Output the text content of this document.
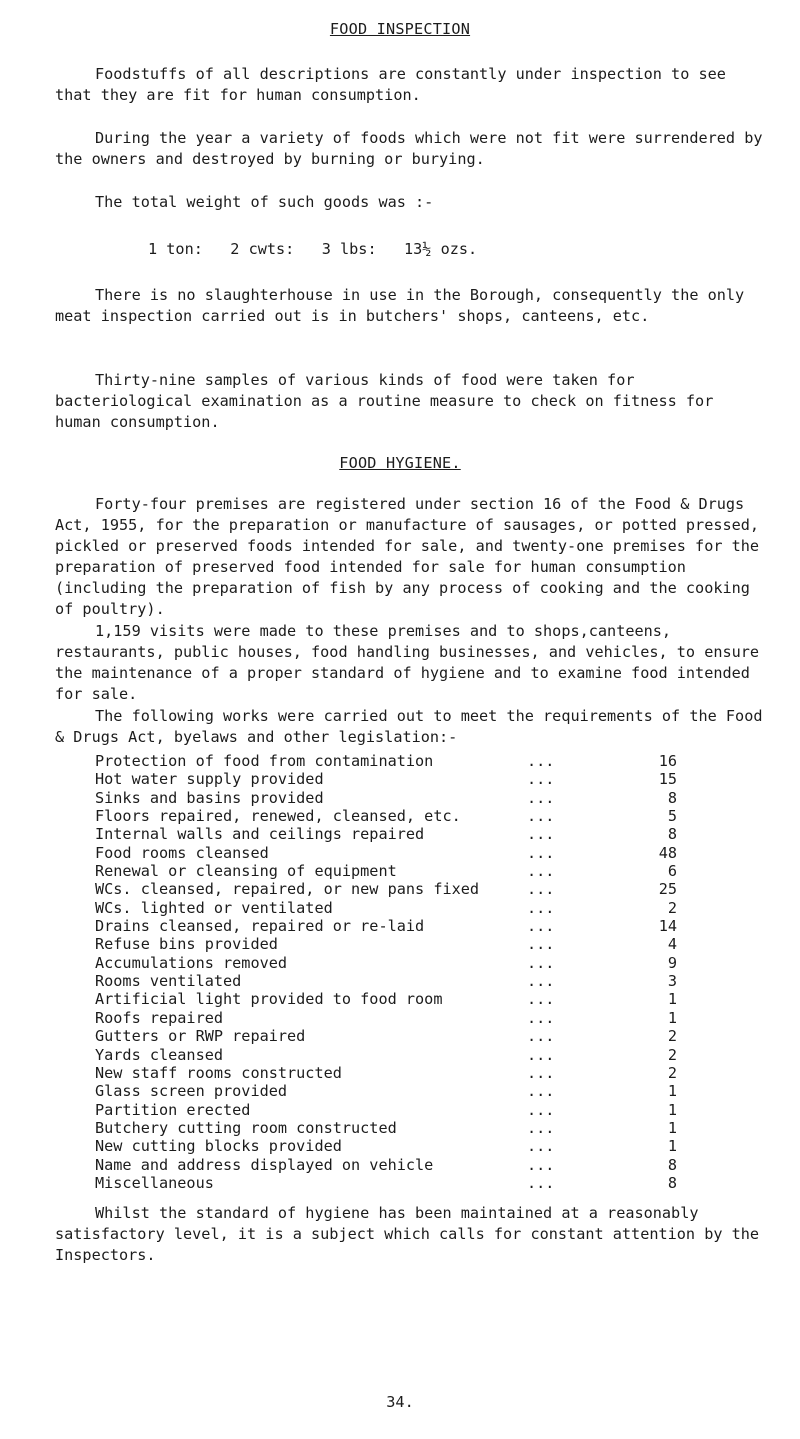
FOOD INSPECTION

Foodstuffs of all descriptions are constantly under inspection to see that they are fit for human consumption.

During the year a variety of foods which were not fit were surrendered by the owners and destroyed by burning or burying.

The total weight of such goods was :-

1 ton:   2 cwts:   3 lbs:   13½ ozs.

There is no slaughterhouse in use in the Borough, consequently the only meat inspection carried out is in butchers' shops, canteens, etc.

Thirty-nine samples of various kinds of food were taken for bacteriological examination as a routine measure to check on fitness for human consumption.

FOOD HYGIENE.

Forty-four premises are registered under section 16 of the Food & Drugs Act, 1955, for the preparation or manufacture of sausages, or potted pressed, pickled or preserved foods intended for sale, and twenty-one premises for the preparation of preserved food intended for sale for human consumption (including the preparation of fish by any process of cooking and the cooking of poultry).

1,159 visits were made to these premises and to shops,canteens, restaurants, public houses, food handling businesses, and vehicles, to ensure the maintenance of a proper standard of hygiene and to examine food intended for sale.

The following works were carried out to meet the requirements of the Food & Drugs Act, byelaws and other legislation:-

Protection of food from contamination	...	16
Hot water supply provided	...	15
Sinks and basins provided	...	8
Floors repaired, renewed, cleansed, etc.	...	5
Internal walls and ceilings repaired	...	8
Food rooms cleansed	...	48
Renewal or cleansing of equipment	...	6
WCs. cleansed, repaired, or new pans fixed	...	25
WCs. lighted or ventilated	...	2
Drains cleansed, repaired or re-laid	...	14
Refuse bins provided	...	4
Accumulations removed	...	9
Rooms ventilated	...	3
Artificial light provided to food room	...	1
Roofs repaired	...	1
Gutters or RWP repaired	...	2
Yards cleansed	...	2
New staff rooms constructed	...	2
Glass screen provided	...	1
Partition erected	...	1
Butchery cutting room constructed	...	1
New cutting blocks provided	...	1
Name and address displayed on vehicle	...	8
Miscellaneous	...	8

Whilst the standard of hygiene has been maintained at a reasonably satisfactory level, it is a subject which calls for constant attention by the Inspectors.

34.
